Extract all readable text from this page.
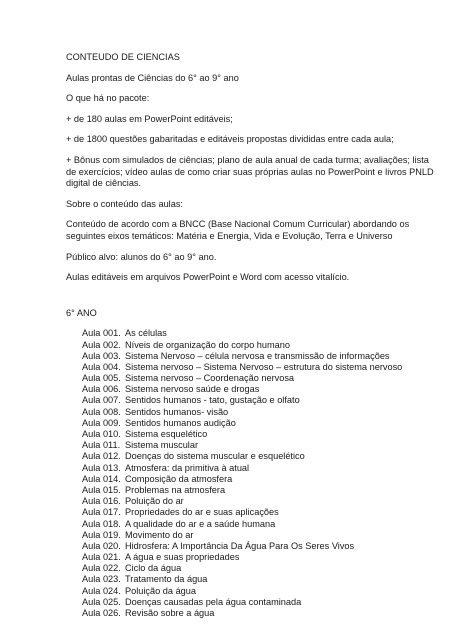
CONTEUDO DE CIENCIAS

Aulas prontas de Ciências do 6° ao 9° ano

O que há no pacote:

+ de 180 aulas em PowerPoint editáveis;

+ de 1800 questões gabaritadas e editáveis propostas divididas entre cada aula;

+ Bônus com simulados de ciências; plano de aula anual de cada turma; avaliações; lista de exercícios; vídeo aulas de como criar suas próprias aulas no PowerPoint e livros PNLD digital de ciências.

Sobre o conteúdo das aulas:

Conteúdo de acordo com a BNCC (Base Nacional Comum Curricular) abordando os seguintes eixos temáticos: Matéria e Energia, Vida e Evolução, Terra e Universo

Público alvo: alunos do 6° ao 9° ano.

Aulas editáveis em arquivos PowerPoint e Word com acesso vitalício.

6° ANO

Aula 001. As células
Aula 002. Níveis de organização do corpo humano
Aula 003. Sistema Nervoso – célula nervosa e transmissão de informações
Aula 004. Sistema nervoso – Sistema Nervoso – estrutura do sistema nervoso
Aula 005. Sistema nervoso – Coordenação nervosa
Aula 006. Sistema nervoso saúde e drogas
Aula 007. Sentidos humanos - tato, gustação e olfato
Aula 008. Sentidos humanos- visão
Aula 009. Sentidos humanos audição
Aula 010. Sistema esquelético
Aula 011. Sistema muscular
Aula 012. Doenças do sistema muscular e esquelético
Aula 013. Atmosfera: da primitiva à atual
Aula 014. Composição da atmosfera
Aula 015. Problemas na atmosfera
Aula 016. Poluição do ar
Aula 017. Propriedades do ar e suas aplicações
Aula 018. A qualidade do ar e a saúde humana
Aula 019. Movimento do ar
Aula 020. Hidrosfera: A Importância Da Água Para Os Seres Vivos
Aula 021. A água e suas propriedades
Aula 022. Ciclo da água
Aula 023. Tratamento da água
Aula 024. Poluição da água
Aula 025. Doenças causadas pela água contaminada
Aula 026. Revisão sobre a água
